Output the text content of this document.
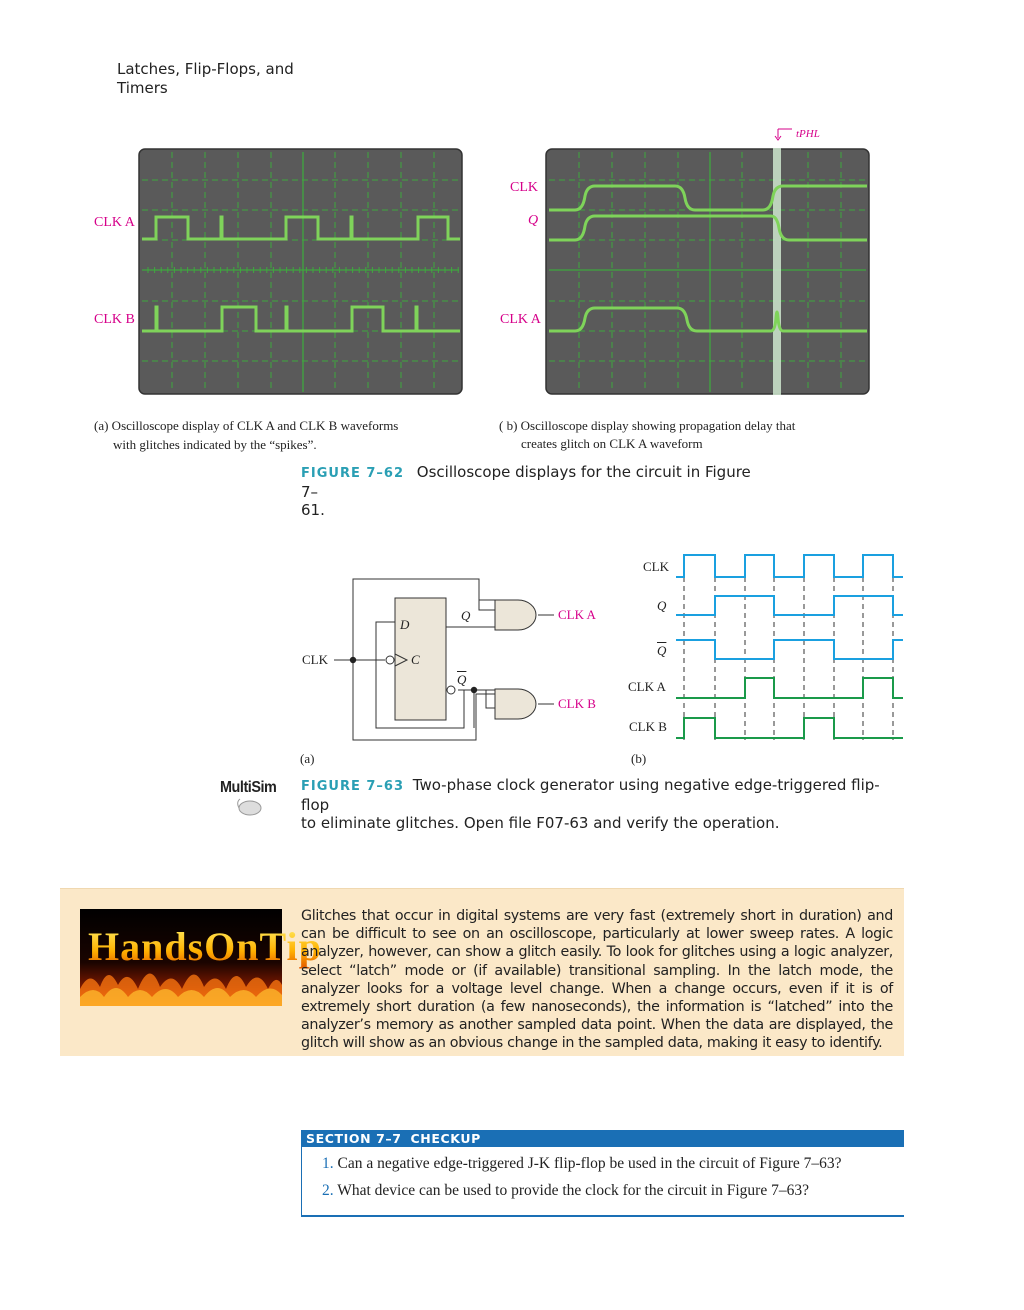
Latches, Flip-Flops, and Timers
CLK A
CLK B
CLK
Q
CLK A
tPHL
(a) Oscilloscope display of CLK A and CLK B waveforms
with glitches indicated by the “spikes”.
( b) Oscilloscope display showing propagation delay that
creates glitch on CLK A waveform
FIGURE 7–62 Oscilloscope displays for the circuit in Figure 7–
61.
CLK
D
C
Q
$\overline{Q}$
CLK A
CLK B
(a)
CLK
Q
$\overline{Q}$
CLK A
CLK B
(b)
MultiSim FIGURE 7–63 Two-phase clock generator using negative edge-triggered flip-flop
to eliminate glitches. Open file F07-63 and verify the operation.
HandsOnTip
Glitches that occur in digital systems are very fast (extremely short in duration) and can be difficult to see on an oscilloscope, particularly at lower sweep rates. A logic analyzer, however, can show a glitch easily. To look for glitches using a logic analyzer, select “latch” mode or (if available) transitional sampling. In the latch mode, the analyzer looks for a voltage level change. When a change occurs, even if it is of extremely short duration (a few nanoseconds), the information is “latched” into the analyzer’s memory as another sampled data point. When the data are displayed, the glitch will show as an obvious change in the sampled data, making it easy to identify.
SECTION 7–7 CHECKUP
1. Can a negative edge-triggered J-K flip-flop be used in the circuit of Figure 7–63?
2. What device can be used to provide the clock for the circuit in Figure 7–63?
